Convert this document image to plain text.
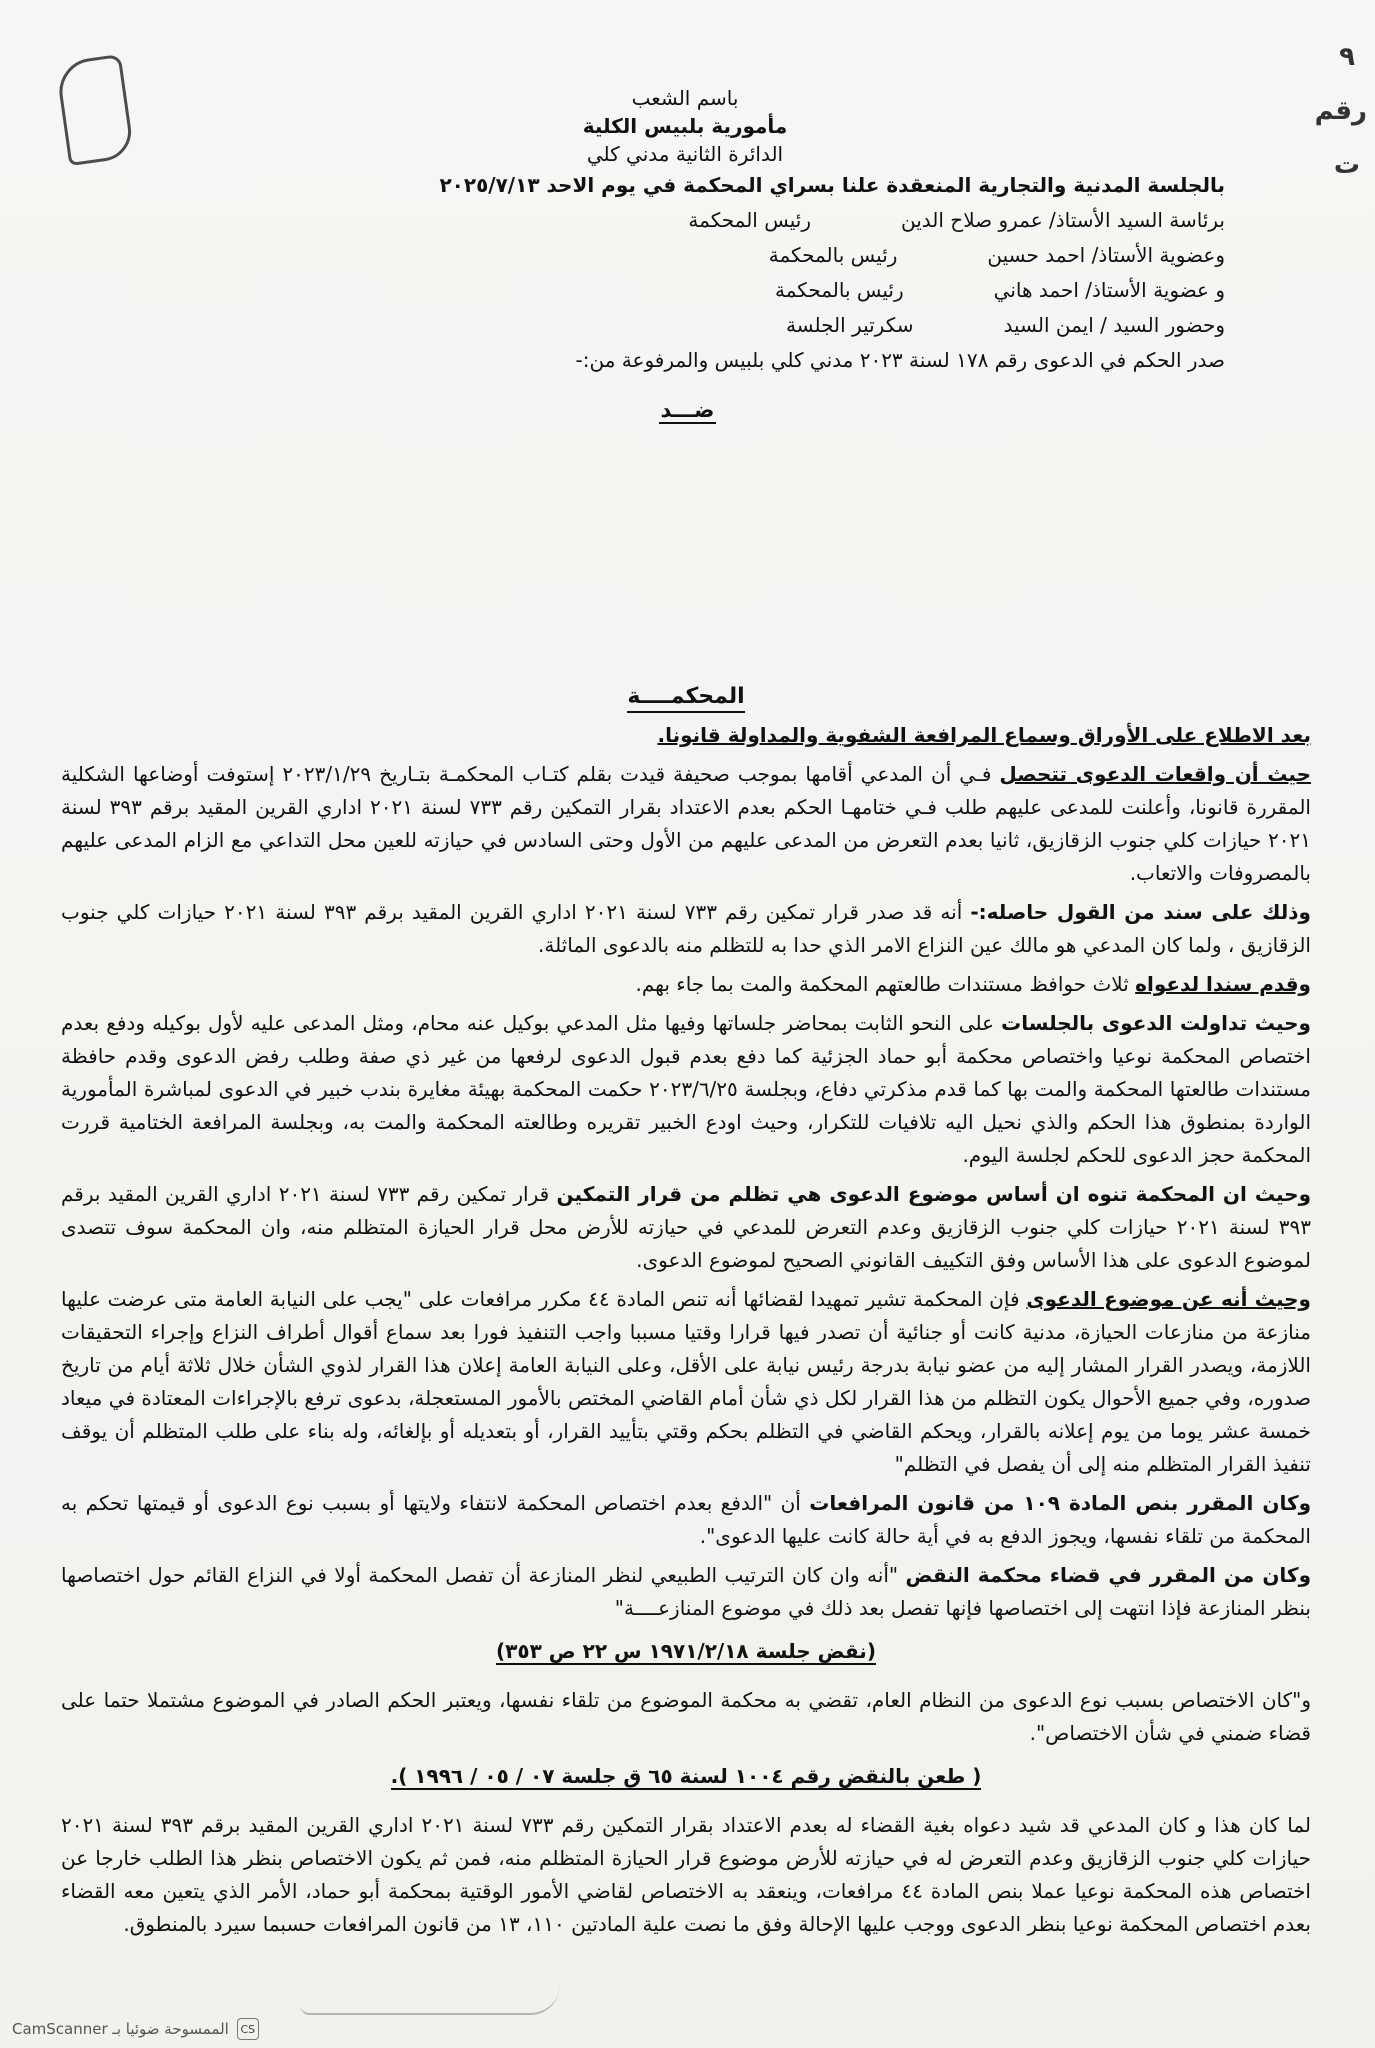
٩
رقم
ت

باسم الشعب

مأمورية بلبيس الكلية

الدائرة الثانية مدني كلي

بالجلسة المدنية والتجارية المنعقدة علنا بسراي المحكمة في يوم الاحد ٢٠٢٥/٧/١٣

برئاسة السيد الأستاذ/ عمرو صلاح الدينرئيس المحكمة

وعضوية الأستاذ/ احمد حسينرئيس بالمحكمة

و عضوية الأستاذ/ احمد هانيرئيس بالمحكمة

وحضور السيد / ايمن السيدسكرتير الجلسة

صدر الحكم في الدعوى رقم ١٧٨ لسنة ٢٠٢٣ مدني كلي بلبيس والمرفوعة من:-

ضـــد
المحكمــــة

بعد الاطلاع على الأوراق وسماع المرافعة الشفوية والمداولة قانونا.

حيث أن واقعات الدعوى تتحصل فـي أن المدعي أقامها بموجب صحيفة قيدت بقلم كتـاب المحكمـة بتـاريخ ٢٠٢٣/١/٢٩ إستوفت أوضاعها الشكلية المقررة قانونا، وأعلنت للمدعى عليهم طلب فـي ختامهـا الحكم بعدم الاعتداد بقرار التمكين رقم ٧٣٣ لسنة ٢٠٢١ اداري القرين المقيد برقم ٣٩٣ لسنة ٢٠٢١ حيازات كلي جنوب الزقازيق، ثانيا بعدم التعرض من المدعى عليهم من الأول وحتى السادس في حيازته للعين محل التداعي مع الزام المدعى عليهم بالمصروفات والاتعاب.

وذلك على سند من القول حاصله:- أنه قد صدر قرار تمكين رقم ٧٣٣ لسنة ٢٠٢١ اداري القرين المقيد برقم ٣٩٣ لسنة ٢٠٢١ حيازات كلي جنوب الزقازيق ، ولما كان المدعي هو مالك عين النزاع الامر الذي حدا به للتظلم منه بالدعوى الماثلة.

وقدم سندا لدعواه ثلاث حوافظ مستندات طالعتهم المحكمة والمت بما جاء بهم.

وحيث تداولت الدعوى بالجلسات على النحو الثابت بمحاضر جلساتها وفيها مثل المدعي بوكيل عنه محام، ومثل المدعى عليه لأول بوكيله ودفع بعدم اختصاص المحكمة نوعيا واختصاص محكمة أبو حماد الجزئية كما دفع بعدم قبول الدعوى لرفعها من غير ذي صفة وطلب رفض الدعوى وقدم حافظة مستندات طالعتها المحكمة والمت بها كما قدم مذكرتي دفاع، وبجلسة ٢٠٢٣/٦/٢٥ حكمت المحكمة بهيئة مغايرة بندب خبير في الدعوى لمباشرة المأمورية الواردة بمنطوق هذا الحكم والذي نحيل اليه تلافيات للتكرار، وحيث اودع الخبير تقريره وطالعته المحكمة والمت به، وبجلسة المرافعة الختامية قررت المحكمة حجز الدعوى للحكم لجلسة اليوم.

وحيث ان المحكمة تنوه ان أساس موضوع الدعوى هي تظلم من قرار التمكين قرار تمكين رقم ٧٣٣ لسنة ٢٠٢١ اداري القرين المقيد برقم ٣٩٣ لسنة ٢٠٢١ حيازات كلي جنوب الزقازيق وعدم التعرض للمدعي في حيازته للأرض محل قرار الحيازة المتظلم منه، وان المحكمة سوف تتصدى لموضوع الدعوى على هذا الأساس وفق التكييف القانوني الصحيح لموضوع الدعوى.

وحيث أنه عن موضوع الدعوى فإن المحكمة تشير تمهيدا لقضائها أنه تنص المادة ٤٤ مكرر مرافعات على "يجب على النيابة العامة متى عرضت عليها منازعة من منازعات الحيازة، مدنية كانت أو جنائية أن تصدر فيها قرارا وقتيا مسببا واجب التنفيذ فورا بعد سماع أقوال أطراف النزاع وإجراء التحقيقات اللازمة، ويصدر القرار المشار إليه من عضو نيابة بدرجة رئيس نيابة على الأقل، وعلى النيابة العامة إعلان هذا القرار لذوي الشأن خلال ثلاثة أيام من تاريخ صدوره، وفي جميع الأحوال يكون التظلم من هذا القرار لكل ذي شأن أمام القاضي المختص بالأمور المستعجلة، بدعوى ترفع بالإجراءات المعتادة في ميعاد خمسة عشر يوما من يوم إعلانه بالقرار، ويحكم القاضي في التظلم بحكم وقتي بتأييد القرار، أو بتعديله أو بإلغائه، وله بناء على طلب المتظلم أن يوقف تنفيذ القرار المتظلم منه إلى أن يفصل في التظلم"

وكان المقرر بنص المادة ١٠٩ من قانون المرافعات أن "الدفع بعدم اختصاص المحكمة لانتفاء ولايتها أو بسبب نوع الدعوى أو قيمتها تحكم به المحكمة من تلقاء نفسها، ويجوز الدفع به في أية حالة كانت عليها الدعوى".

وكان من المقرر في قضاء محكمة النقض "أنه وان كان الترتيب الطبيعي لنظر المنازعة أن تفصل المحكمة أولا في النزاع القائم حول اختصاصها بنظر المنازعة فإذا انتهت إلى اختصاصها فإنها تفصل بعد ذلك في موضوع المنازعــــة"

(نقض جلسة ١٩٧١/٢/١٨ س ٢٢ ص ٣٥٣)

و"كان الاختصاص بسبب نوع الدعوى من النظام العام، تقضي به محكمة الموضوع من تلقاء نفسها، ويعتبر الحكم الصادر في الموضوع مشتملا حتما على قضاء ضمني في شأن الاختصاص".

( طعن بالنقض رقم ١٠٠٤ لسنة ٦٥ ق جلسة ٠٧ / ٠٥ / ١٩٩٦ ).

لما كان هذا و كان المدعي قد شيد دعواه بغية القضاء له بعدم الاعتداد بقرار التمكين رقم ٧٣٣ لسنة ٢٠٢١ اداري القرين المقيد برقم ٣٩٣ لسنة ٢٠٢١ حيازات كلي جنوب الزقازيق وعدم التعرض له في حيازته للأرض موضوع قرار الحيازة المتظلم منه، فمن ثم يكون الاختصاص بنظر هذا الطلب خارجا عن اختصاص هذه المحكمة نوعيا عملا بنص المادة ٤٤ مرافعات، وينعقد به الاختصاص لقاضي الأمور الوقتية بمحكمة أبو حماد، الأمر الذي يتعين معه القضاء بعدم اختصاص المحكمة نوعيا بنظر الدعوى ووجب عليها الإحالة وفق ما نصت علية المادتين ١١٠، ١٣ من قانون المرافعات حسبما سيرد بالمنطوق.

CS
الممسوحة ضوئيا بـ CamScanner
